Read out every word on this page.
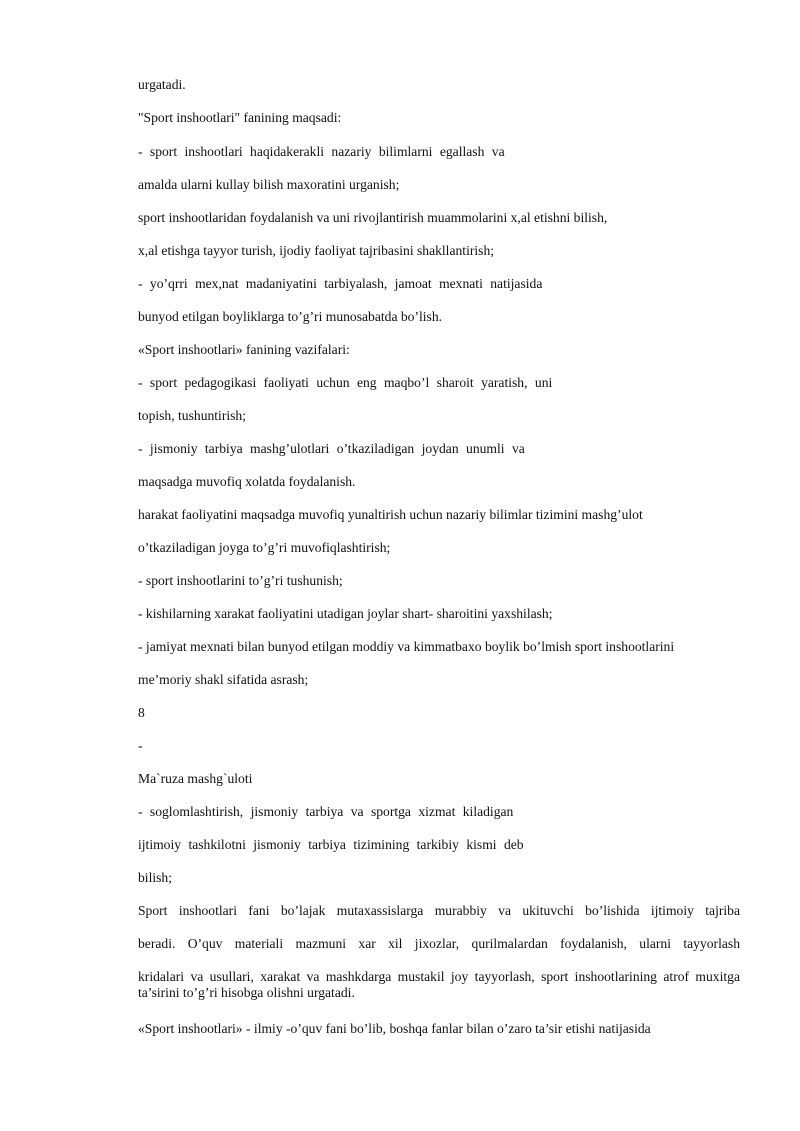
urgatadi.
"Sport inshootlari" fanining maqsadi:
- sport inshootlari haqidakerakli nazariy bilimlarni egallash va
amalda ularni kullay bilish maxoratini urganish;
sport inshootlaridan foydalanish va uni rivojlantirish muammolarini x,al etishni bilish,
x,al etishga tayyor turish, ijodiy faoliyat tajribasini shakllantirish;
- yo’qrri mex,nat madaniyatini tarbiyalash, jamoat mexnati natijasida
bunyod etilgan boyliklarga to’g’ri munosabatda bo’lish.
«Sport inshootlari» fanining vazifalari:
- sport pedagogikasi faoliyati uchun eng maqbo’l sharoit yaratish, uni
topish, tushuntirish;
- jismoniy tarbiya mashg’ulotlari o’tkaziladigan joydan unumli va
maqsadga muvofiq xolatda foydalanish.
harakat faoliyatini maqsadga muvofiq yunaltirish uchun nazariy bilimlar tizimini mashg’ulot
o’tkaziladigan joyga to’g’ri muvofiqlashtirish;
- sport inshootlarini to’g’ri tushunish;
- kishilarning xarakat faoliyatini utadigan joylar shart- sharoitini yaxshilash;
- jamiyat mexnati bilan bunyod etilgan moddiy va kimmatbaxo boylik bo’lmish sport inshootlarini
me’moriy shakl sifatida asrash;
8
-
Ma`ruza mashg`uloti
- soglomlashtirish, jismoniy tarbiya va sportga xizmat kiladigan
ijtimoiy tashkilotni jismoniy tarbiya tizimining tarkibiy kismi deb
bilish;
Sport inshootlari fani bo’lajak mutaxassislarga murabbiy va ukituvchi bo’lishida ijtimoiy tajriba
beradi. O’quv materiali mazmuni xar xil jixozlar, qurilmalardan foydalanish, ularni tayyorlash
kridalari va usullari, xarakat va mashkdarga mustakil joy tayyorlash, sport inshootlarining atrof muxitga ta’sirini to’g’ri hisobga olishni urgatadi.
«Sport inshootlari» - ilmiy -o’quv fani bo’lib, boshqa fanlar bilan o’zaro ta’sir etishi natijasida
